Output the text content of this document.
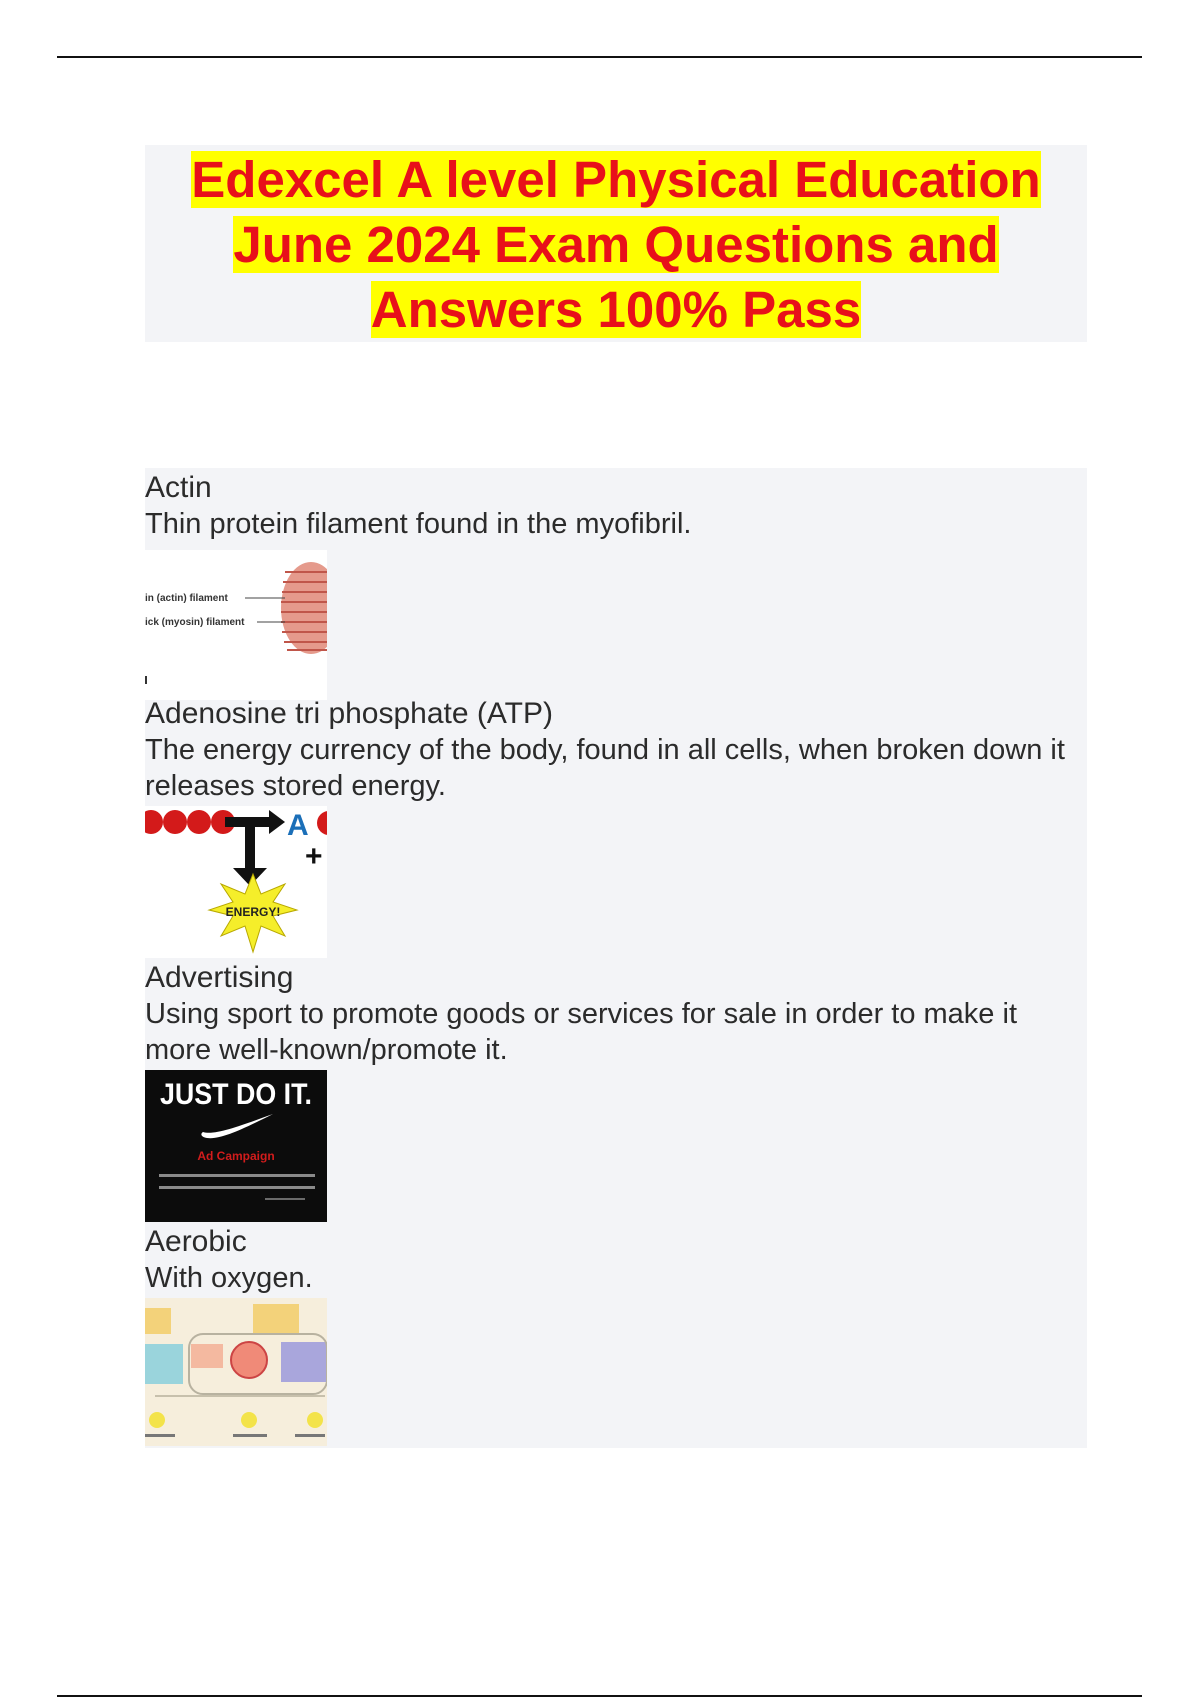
Edexcel A level Physical Education
June 2024 Exam Questions and
Answers 100% Pass
Actin
Thin protein filament found in the myofibril.
in (actin) filament
ick (myosin) filament
Adenosine tri phosphate (ATP)
The energy currency of the body, found in all cells, when broken down it releases stored energy.
A
+
ENERGY!
Advertising
Using sport to promote goods or services for sale in order to make it more well-known/promote it.
JUST DO IT.
Ad Campaign
Aerobic
With oxygen.
